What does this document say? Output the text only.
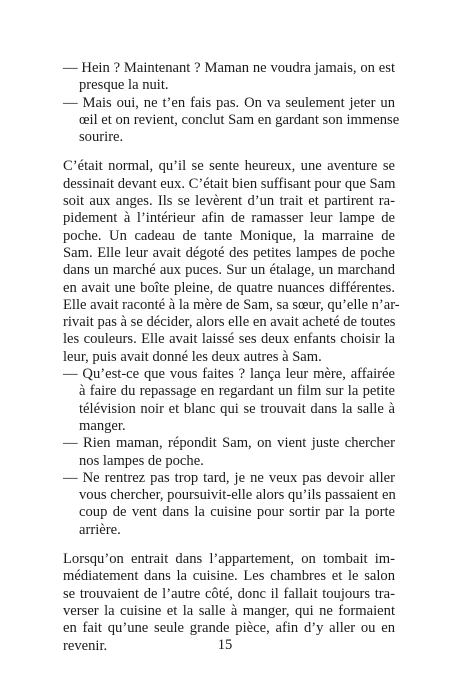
— Hein ? Maintenant ? Maman ne voudra jamais, on est
presque la nuit.
— Mais oui, ne t’en fais pas. On va seulement jeter un
œil et on revient, conclut Sam en gardant son immense
sourire.
C’était normal, qu’il se sente heureux, une aventure se
dessinait devant eux. C’était bien suffisant pour que Sam
soit aux anges. Ils se levèrent d’un trait et partirent ra-
pidement à l’intérieur afin de ramasser leur lampe de
poche. Un cadeau de tante Monique, la marraine de
Sam. Elle leur avait dégoté des petites lampes de poche
dans un marché aux puces. Sur un étalage, un marchand
en avait une boîte pleine, de quatre nuances différentes.
Elle avait raconté à la mère de Sam, sa sœur, qu’elle n’ar-
rivait pas à se décider, alors elle en avait acheté de toutes
les couleurs. Elle avait laissé ses deux enfants choisir la
leur, puis avait donné les deux autres à Sam.
— Qu’est-ce que vous faites ? lança leur mère, affairée
à faire du repassage en regardant un film sur la petite
télévision noir et blanc qui se trouvait dans la salle à
manger.
— Rien maman, répondit Sam, on vient juste chercher
nos lampes de poche.
— Ne rentrez pas trop tard, je ne veux pas devoir aller
vous chercher, poursuivit-elle alors qu’ils passaient en
coup de vent dans la cuisine pour sortir par la porte
arrière.
Lorsqu’on entrait dans l’appartement, on tombait im-
médiatement dans la cuisine. Les chambres et le salon
se trouvaient de l’autre côté, donc il fallait toujours tra-
verser la cuisine et la salle à manger, qui ne formaient
en fait qu’une seule grande pièce, afin d’y aller ou en
revenir.	15
